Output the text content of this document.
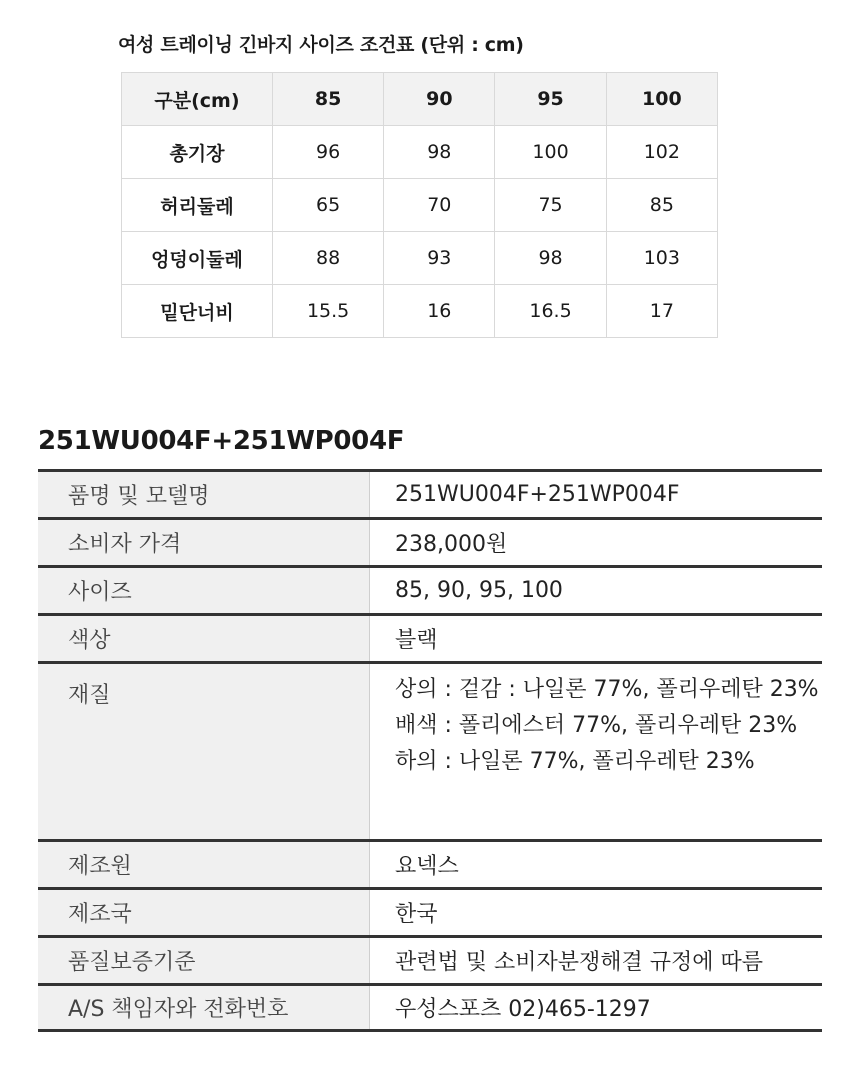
여성 트레이닝 긴바지 사이즈 조건표 (단위 : cm)
구분(cm)	85	90	95	100
총기장	96	98	100	102
허리둘레	65	70	75	85
엉덩이둘레	88	93	98	103
밑단너비	15.5	16	16.5	17
251WU004F+251WP004F
품명 및 모델명	251WU004F+251WP004F
소비자 가격	238,000원
사이즈	85, 90, 95, 100
색상	블랙
재질	상의 : 겉감 : 나일론 77%, 폴리우레탄 23%
배색 : 폴리에스터 77%, 폴리우레탄 23%
하의 : 나일론 77%, 폴리우레탄 23%
제조원	요넥스
제조국	한국
품질보증기준	관련법 및 소비자분쟁해결 규정에 따름
A/S 책임자와 전화번호	우성스포츠 02)465-1297
